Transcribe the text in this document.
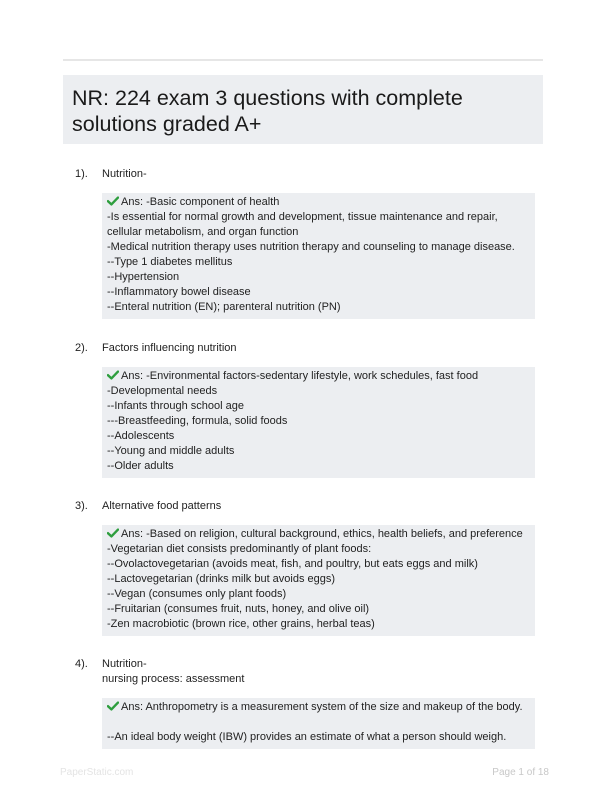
NR: 224 exam 3 questions with complete solutions graded A+
1). Nutrition-
Ans: -Basic component of health
-Is essential for normal growth and development, tissue maintenance and repair, cellular metabolism, and organ function
-Medical nutrition therapy uses nutrition therapy and counseling to manage disease.
--Type 1 diabetes mellitus
--Hypertension
--Inflammatory bowel disease
--Enteral nutrition (EN); parenteral nutrition (PN)
2). Factors influencing nutrition
Ans: -Environmental factors-sedentary lifestyle, work schedules, fast food
-Developmental needs
--Infants through school age
---Breastfeeding, formula, solid foods
--Adolescents
--Young and middle adults
--Older adults
3). Alternative food patterns
Ans: -Based on religion, cultural background, ethics, health beliefs, and preference
-Vegetarian diet consists predominantly of plant foods:
--Ovolactovegetarian (avoids meat, fish, and poultry, but eats eggs and milk)
--Lactovegetarian (drinks milk but avoids eggs)
--Vegan (consumes only plant foods)
--Fruitarian (consumes fruit, nuts, honey, and olive oil)
-Zen macrobiotic (brown rice, other grains, herbal teas)
4). Nutrition-
nursing process: assessment
Ans: Anthropometry is a measurement system of the size and makeup of the body.
--An ideal body weight (IBW) provides an estimate of what a person should weigh.
PaperStatic.com	Page 1 of 18
